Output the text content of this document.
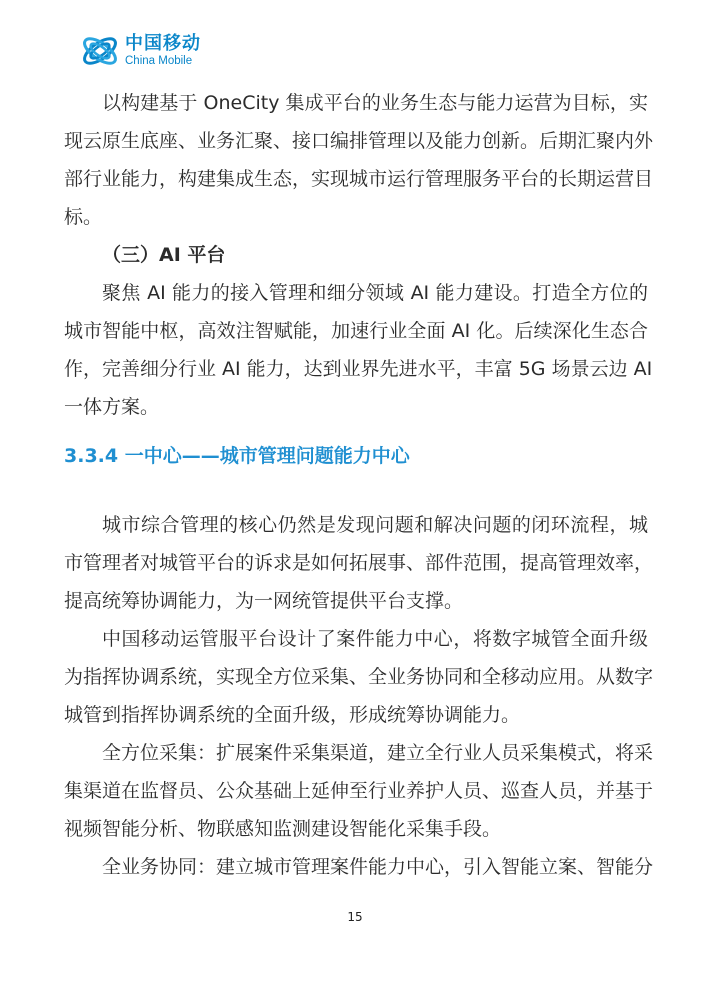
中国移动
China Mobile
以构建基于 OneCity 集成平台的业务生态与能力运营为目标，实
现云原生底座、业务汇聚、接口编排管理以及能力创新。后期汇聚内外
部行业能力，构建集成生态，实现城市运行管理服务平台的长期运营目
标。
（三）AI 平台
聚焦 AI 能力的接入管理和细分领域 AI 能力建设。打造全方位的
城市智能中枢，高效注智赋能，加速行业全面 AI 化。后续深化生态合
作，完善细分行业 AI 能力，达到业界先进水平，丰富 5G 场景云边 AI
一体方案。
3.3.4 一中心——城市管理问题能力中心
城市综合管理的核心仍然是发现问题和解决问题的闭环流程，城
市管理者对城管平台的诉求是如何拓展事、部件范围，提高管理效率，
提高统筹协调能力，为一网统管提供平台支撑。
中国移动运管服平台设计了案件能力中心，将数字城管全面升级
为指挥协调系统，实现全方位采集、全业务协同和全移动应用。从数字
城管到指挥协调系统的全面升级，形成统筹协调能力。
全方位采集：扩展案件采集渠道，建立全行业人员采集模式，将采
集渠道在监督员、公众基础上延伸至行业养护人员、巡查人员，并基于
视频智能分析、物联感知监测建设智能化采集手段。
全业务协同：建立城市管理案件能力中心，引入智能立案、智能分
15
